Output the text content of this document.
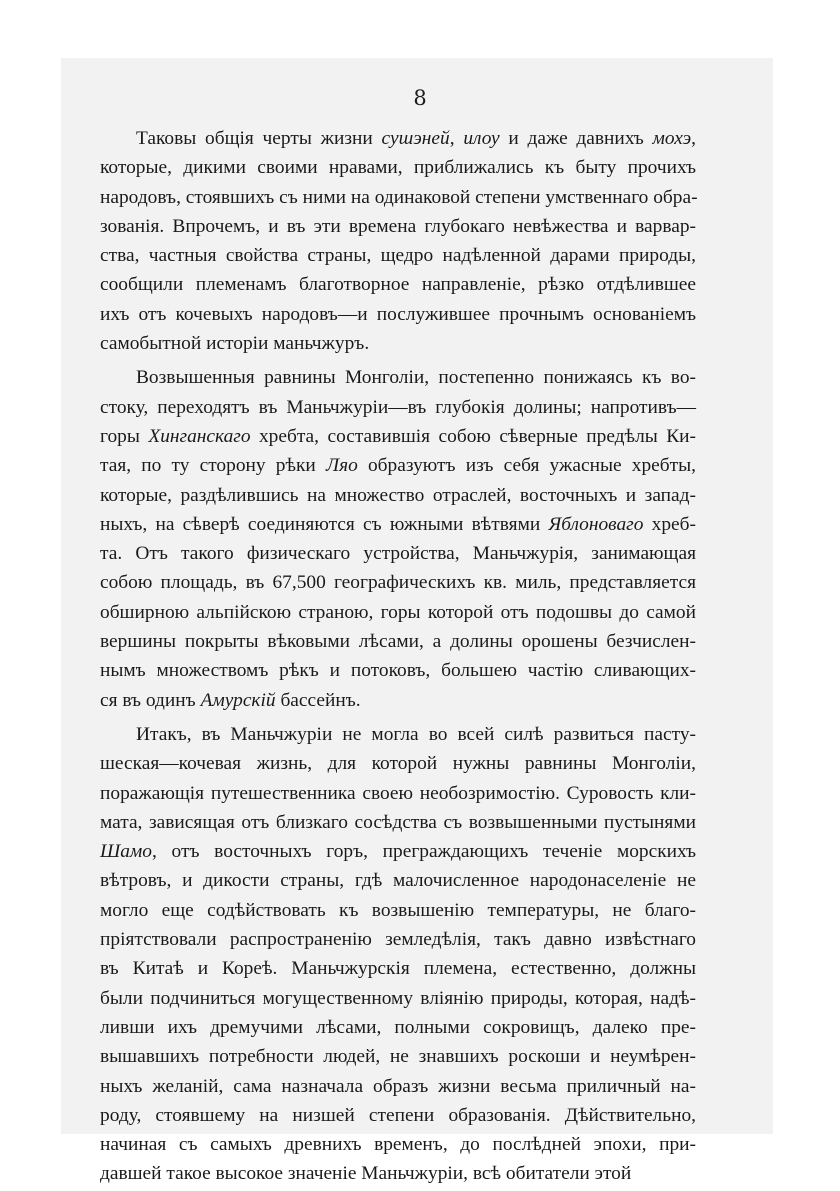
8
Таковы общія черты жизни сушэней, илоу и даже давнихъ мохэ,
которые, дикими своими нравами, приближались къ быту прочихъ
народовъ, стоявшихъ съ ними на одинаковой степени умственнаго обра-
зованія. Впрочемъ, и въ эти времена глубокаго невѣжества и варвар-
ства, частныя свойства страны, щедро надѣленной дарами природы,
сообщили племенамъ благотворное направленіе, рѣзко отдѣлившее
ихъ отъ кочевыхъ народовъ—и послужившее прочнымъ основаніемъ
самобытной исторіи маньчжуръ.
Возвышенныя равнины Монголіи, постепенно понижаясь къ во-
стоку, переходятъ въ Маньчжуріи—въ глубокія долины; напротивъ—
горы Хинганскаго хребта, составившія собою сѣверные предѣлы Ки-
тая, по ту сторону рѣки Ляо образуютъ изъ себя ужасные хребты,
которые, раздѣлившись на множество отраслей, восточныхъ и запад-
ныхъ, на сѣверѣ соединяются съ южными вѣтвями Яблоноваго хреб-
та. Отъ такого физическаго устройства, Маньчжурія, занимающая
собою площадь, въ 67,500 географическихъ кв. миль, представляется
обширною альпійскою страною, горы которой отъ подошвы до самой
вершины покрыты вѣковыми лѣсами, а долины орошены безчислен-
нымъ множествомъ рѣкъ и потоковъ, большею частію сливающих-
ся въ одинъ Амурскій бассейнъ.
Итакъ, въ Маньчжуріи не могла во всей силѣ развиться пасту-
шеская—кочевая жизнь, для которой нужны равнины Монголіи,
поражающія путешественника своею необозримостію. Суровость кли-
мата, зависящая отъ близкаго сосѣдства съ возвышенными пустынями
Шамо, отъ восточныхъ горъ, преграждающихъ теченіе морскихъ
вѣтровъ, и дикости страны, гдѣ малочисленное народонаселеніе не
могло еще содѣйствовать къ возвышенію температуры, не благо-
пріятствовали распространенію земледѣлія, такъ давно извѣстнаго
въ Китаѣ и Кореѣ. Маньчжурскія племена, естественно, должны
были подчиниться могущественному вліянію природы, которая, надѣ-
ливши ихъ дремучими лѣсами, полными сокровищъ, далеко пре-
вышавшихъ потребности людей, не знавшихъ роскоши и неумѣрен-
ныхъ желаній, сама назначала образъ жизни весьма приличный на-
роду, стоявшему на низшей степени образованія. Дѣйствительно,
начиная съ самыхъ древнихъ временъ, до послѣдней эпохи, при-
давшей такое высокое значеніе Маньчжуріи, всѣ обитатели этой
